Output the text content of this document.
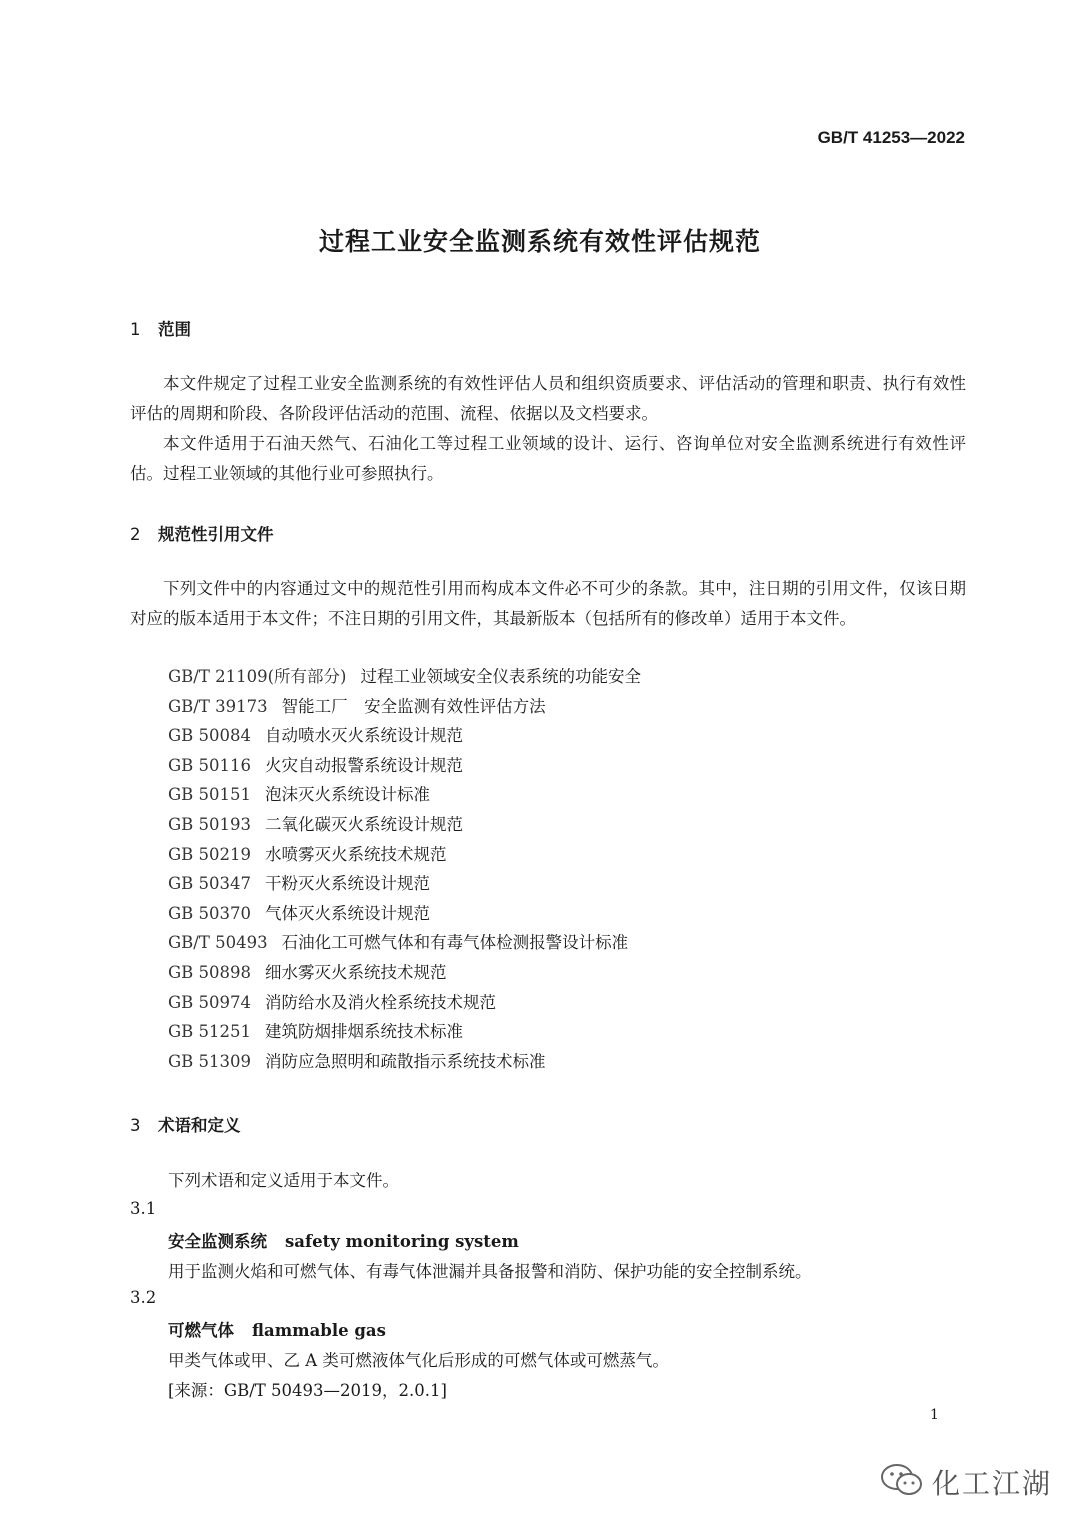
GB/T 41253—2022
过程工业安全监测系统有效性评估规范
1 范围
本文件规定了过程工业安全监测系统的有效性评估人员和组织资质要求、评估活动的管理和职责、执行有效性评估的周期和阶段、各阶段评估活动的范围、流程、依据以及文档要求。
本文件适用于石油天然气、石油化工等过程工业领域的设计、运行、咨询单位对安全监测系统进行有效性评估。过程工业领域的其他行业可参照执行。
2 规范性引用文件
下列文件中的内容通过文中的规范性引用而构成本文件必不可少的条款。其中，注日期的引用文件，仅该日期对应的版本适用于本文件；不注日期的引用文件，其最新版本（包括所有的修改单）适用于本文件。
GB/T 21109(所有部分) 过程工业领域安全仪表系统的功能安全
GB/T 39173 智能工厂　安全监测有效性评估方法
GB 50084 自动喷水灭火系统设计规范
GB 50116 火灾自动报警系统设计规范
GB 50151 泡沫灭火系统设计标准
GB 50193 二氧化碳灭火系统设计规范
GB 50219 水喷雾灭火系统技术规范
GB 50347 干粉灭火系统设计规范
GB 50370 气体灭火系统设计规范
GB/T 50493 石油化工可燃气体和有毒气体检测报警设计标准
GB 50898 细水雾灭火系统技术规范
GB 50974 消防给水及消火栓系统技术规范
GB 51251 建筑防烟排烟系统技术标准
GB 51309 消防应急照明和疏散指示系统技术标准
3 术语和定义
下列术语和定义适用于本文件。
3.1
安全监测系统 safety monitoring system
用于监测火焰和可燃气体、有毒气体泄漏并具备报警和消防、保护功能的安全控制系统。
3.2
可燃气体 flammable gas
甲类气体或甲、乙 A 类可燃液体气化后形成的可燃气体或可燃蒸气。
[来源：GB/T 50493—2019，2.0.1]
1
化工江湖
